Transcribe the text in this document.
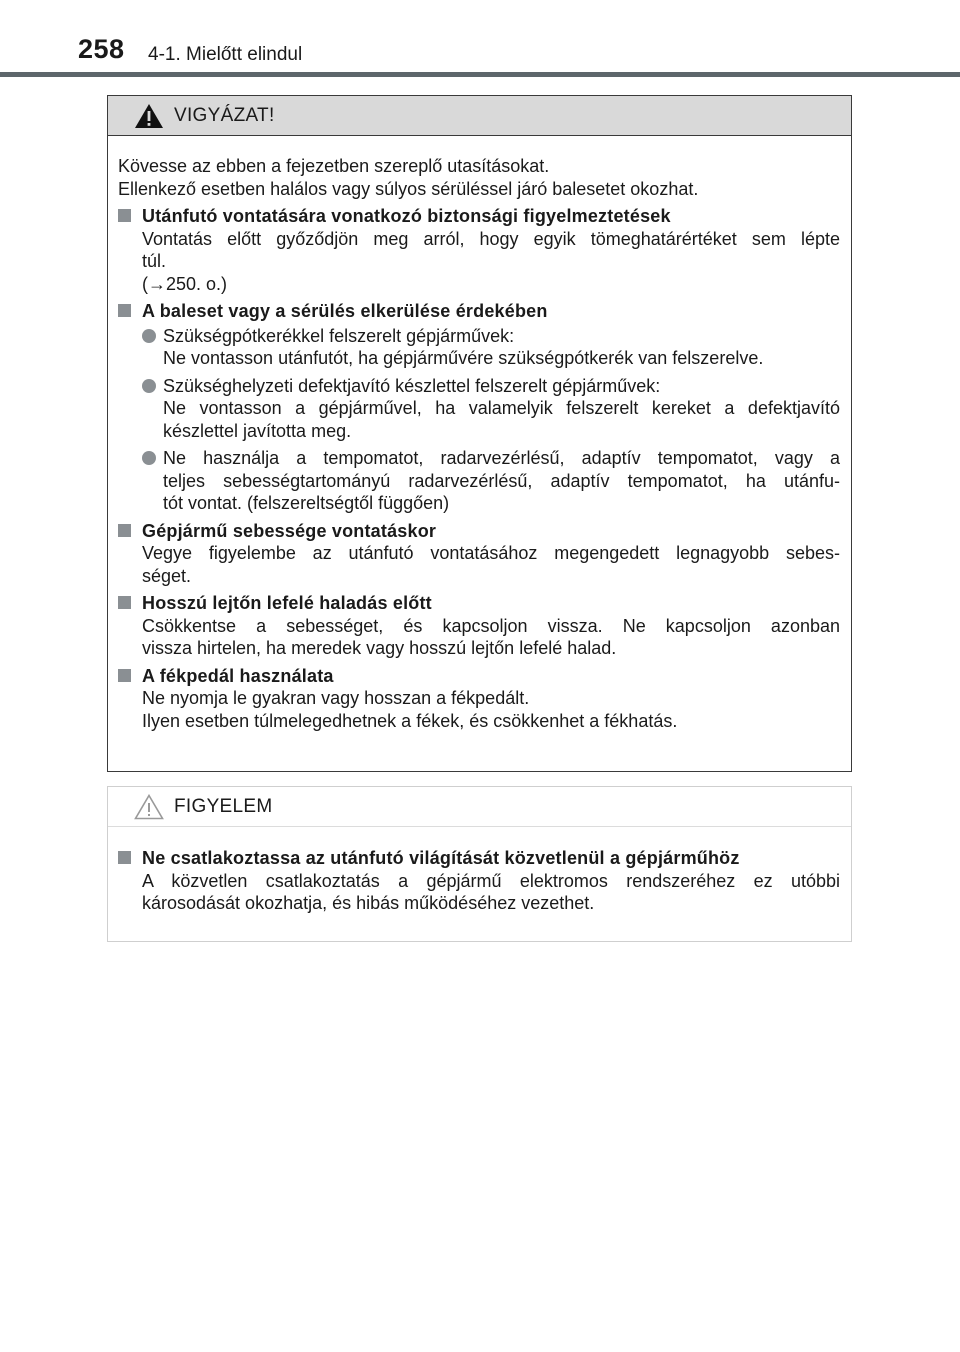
258 4-1. Mielőtt elindul
VIGYÁZAT!
Kövesse az ebben a fejezetben szereplő utasításokat.
Ellenkező esetben halálos vagy súlyos sérüléssel járó balesetet okozhat.
Utánfutó vontatására vonatkozó biztonsági figyelmeztetések
Vontatás előtt győződjön meg arról, hogy egyik tömeghatárértéket sem lépte
túl.
(→250. o.)
A baleset vagy a sérülés elkerülése érdekében
Szükségpótkerékkel felszerelt gépjárművek:
Ne vontasson utánfutót, ha gépjárművére szükségpótkerék van felszerelve.
Szükséghelyzeti defektjavító készlettel felszerelt gépjárművek:
Ne vontasson a gépjárművel, ha valamelyik felszerelt kereket a defektjavító
készlettel javította meg.
Ne használja a tempomatot, radarvezérlésű, adaptív tempomatot, vagy a
teljes sebességtartományú radarvezérlésű, adaptív tempomatot, ha utánfu-
tót vontat. (felszereltségtől függően)
Gépjármű sebessége vontatáskor
Vegye figyelembe az utánfutó vontatásához megengedett legnagyobb sebes-
séget.
Hosszú lejtőn lefelé haladás előtt
Csökkentse a sebességet, és kapcsoljon vissza. Ne kapcsoljon azonban
vissza hirtelen, ha meredek vagy hosszú lejtőn lefelé halad.
A fékpedál használata
Ne nyomja le gyakran vagy hosszan a fékpedált.
Ilyen esetben túlmelegedhetnek a fékek, és csökkenhet a fékhatás.
FIGYELEM
Ne csatlakoztassa az utánfutó világítását közvetlenül a gépjárműhöz
A közvetlen csatlakoztatás a gépjármű elektromos rendszeréhez ez utóbbi
károsodását okozhatja, és hibás működéséhez vezethet.
